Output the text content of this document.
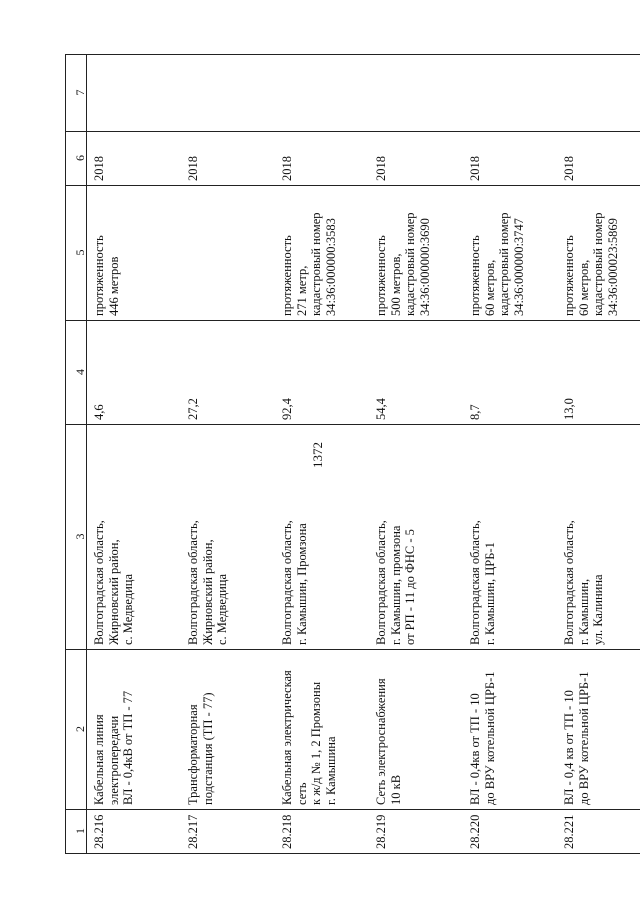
1372
1
2
3
4
5
6
7
28.216
Кабельная линия электропередачи ВЛ - 0,4кВ от ТП - 77
Волгоградская область, Жирновский район, с. Медведица
4,6
протяженность 446 метров
2018
28.217
Трансформаторная подстанция (ТП - 77)
Волгоградская область, Жирновский район, с. Медведица
27,2
2018
28.218
Кабельная электрическая сеть к ж/д № 1, 2 Промзоны г. Камышина
Волгоградская область, г. Камышин, Промзона
92,4
протяженность 271 метр, кадастровый номер 34:36:000000:3583
2018
28.219
Сеть электроснабжения 10 кВ
Волгоградская область, г. Камышин, промзона от РП - 11 до ФНС - 5
54,4
протяженность 500 метров, кадастровый номер 34:36:000000:3690
2018
28.220
ВЛ - 0,4кв от ТП - 10 до ВРУ котельной ЦРБ-1
Волгоградская область, г. Камышин, ЦРБ-1
8,7
протяженность 60 метров, кадастровый номер 34:36:000000:3747
2018
28.221
ВЛ - 0,4 кв от ТП - 10 до ВРУ котельной ЦРБ-1
Волгоградская область, г. Камышин, ул. Калинина
13,0
протяженность 60 метров, кадастровый номер 34:36:000023:5869
2018
